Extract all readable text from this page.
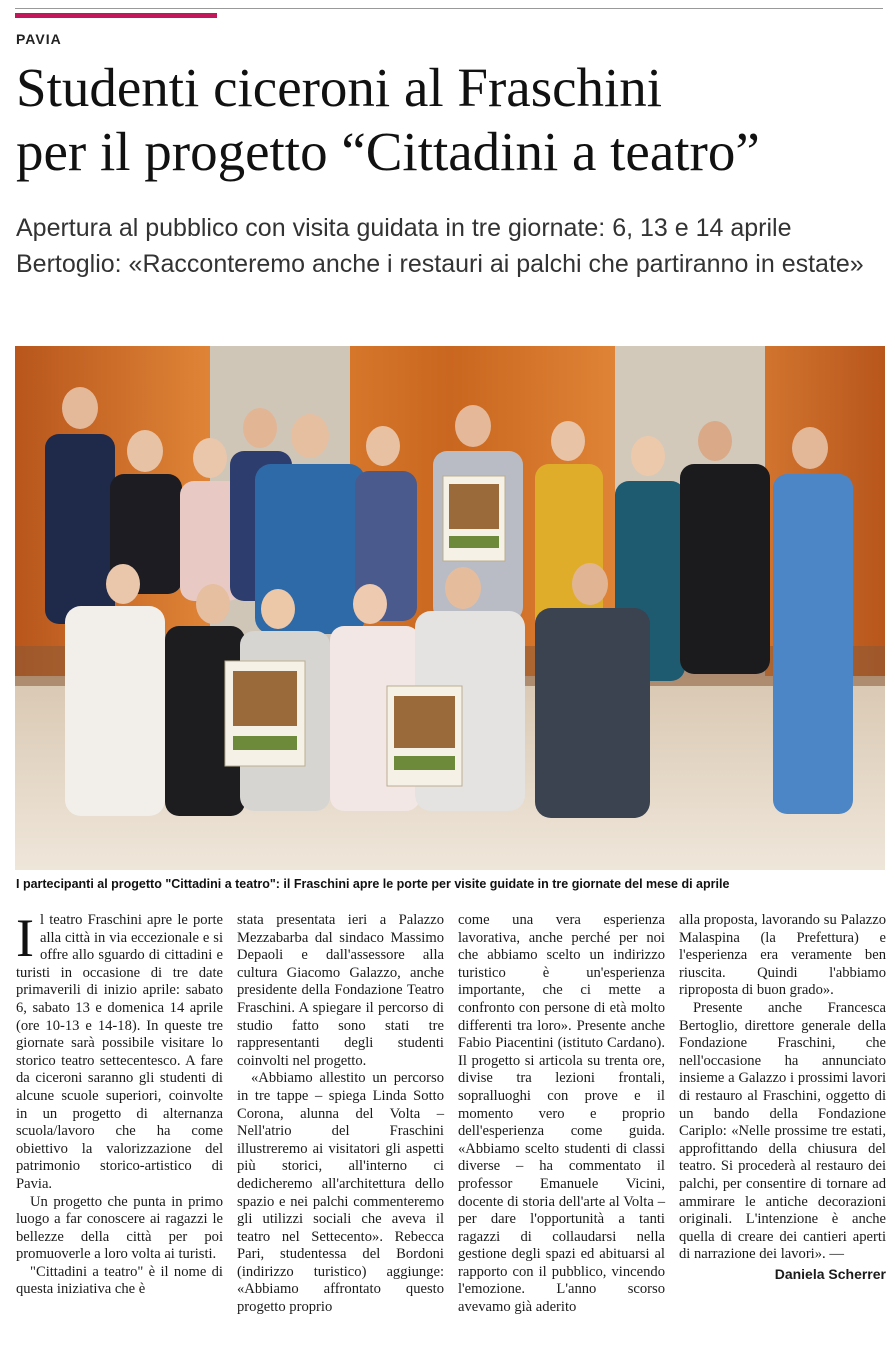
PAVIA
Studenti ciceroni al Fraschini
per il progetto “Cittadini a teatro”
Apertura al pubblico con visita guidata in tre giornate: 6, 13 e 14 aprile
Bertoglio: «Racconteremo anche i restauri ai palchi che partiranno in estate»
I partecipanti al progetto "Cittadini a teatro": il Fraschini apre le porte per visite guidate in tre giornate del mese di aprile

Il teatro Fraschini apre le porte alla città in via eccezionale e si offre allo sguardo di cittadini e turisti in occasione di tre date primaverili di inizio aprile: sabato 6, sabato 13 e domenica 14 aprile (ore 10-13 e 14-18). In queste tre giornate sarà possibile visitare lo storico teatro settecentesco. A fare da ciceroni saranno gli studenti di alcune scuole superiori, coinvolte in un progetto di alternanza scuola/lavoro che ha come obiettivo la valorizzazione del patrimonio storico-artistico di Pavia.

Un progetto che punta in primo luogo a far conoscere ai ragazzi le bellezze della città per poi promuoverle a loro volta ai turisti.

"Cittadini a teatro" è il nome di questa iniziativa che è

stata presentata ieri a Palazzo Mezzabarba dal sindaco Massimo Depaoli e dall'assessore alla cultura Giacomo Galazzo, anche presidente della Fondazione Teatro Fraschini. A spiegare il percorso di studio fatto sono stati tre rappresentanti degli studenti coinvolti nel progetto.

«Abbiamo allestito un percorso in tre tappe – spiega Linda Sotto Corona, alunna del Volta – Nell'atrio del Fraschini illustreremo ai visitatori gli aspetti più storici, all'interno ci dedicheremo all'architettura dello spazio e nei palchi commenteremo gli utilizzi sociali che aveva il teatro nel Settecento». Rebecca Pari, studentessa del Bordoni (indirizzo turistico) aggiunge: «Abbiamo affrontato questo progetto proprio

come una vera esperienza lavorativa, anche perché per noi che abbiamo scelto un indirizzo turistico è un'esperienza importante, che ci mette a confronto con persone di età molto differenti tra loro». Presente anche Fabio Piacentini (istituto Cardano). Il progetto si articola su trenta ore, divise tra lezioni frontali, sopralluoghi con prove e il momento vero e proprio dell'esperienza come guida. «Abbiamo scelto studenti di classi diverse – ha commentato il professor Emanuele Vicini, docente di storia dell'arte al Volta – per dare l'opportunità a tanti ragazzi di collaudarsi nella gestione degli spazi ed abituarsi al rapporto con il pubblico, vincendo l'emozione. L'anno scorso avevamo già aderito

alla proposta, lavorando su Palazzo Malaspina (la Prefettura) e l'esperienza era veramente ben riuscita. Quindi l'abbiamo riproposta di buon grado».

Presente anche Francesca Bertoglio, direttore generale della Fondazione Fraschini, che nell'occasione ha annunciato insieme a Galazzo i prossimi lavori di restauro al Fraschini, oggetto di un bando della Fondazione Cariplo: «Nelle prossime tre estati, approfittando della chiusura del teatro. Si procederà al restauro dei palchi, per consentire di tornare ad ammirare le antiche decorazioni originali. L'intenzione è anche quella di creare dei cantieri aperti di narrazione dei lavori». —

Daniela Scherrer
